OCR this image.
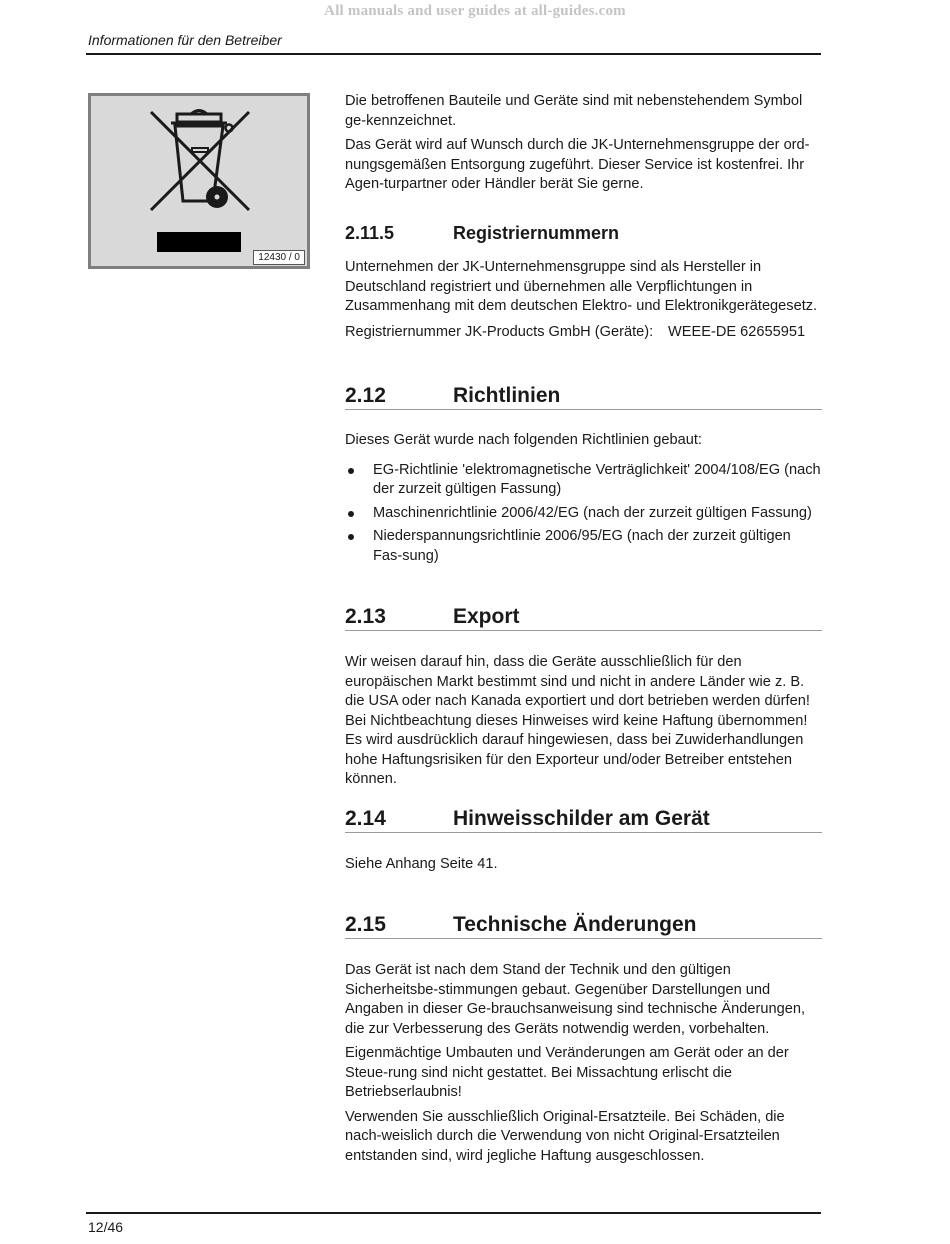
All manuals and user guides at all-guides.com
Informationen für den Betreiber
12430 / 0

Die betroffenen Bauteile und Geräte sind mit nebenstehendem Symbol ge-kennzeichnet.

Das Gerät wird auf Wunsch durch die JK-Unternehmensgruppe der ord-nungsgemäßen Entsorgung zugeführt. Dieser Service ist kostenfrei. Ihr Agen-turpartner oder Händler berät Sie gerne.

2.11.5	Registriernummern

Unternehmen der JK-Unternehmensgruppe sind als Hersteller in Deutschland registriert und übernehmen alle Verpflichtungen in Zusammenhang mit dem deutschen Elektro- und Elektronikgerätegesetz.

Registriernummer JK-Products GmbH (Geräte):	WEEE-DE 62655951
2.12	Richtlinien

Dieses Gerät wurde nach folgenden Richtlinien gebaut:

EG-Richtlinie 'elektromagnetische Verträglichkeit' 2004/108/EG (nach der zurzeit gültigen Fassung)
Maschinenrichtlinie 2006/42/EG (nach der zurzeit gültigen Fassung)
Niederspannungsrichtlinie 2006/95/EG (nach der zurzeit gültigen Fas-sung)
2.13	Export

Wir weisen darauf hin, dass die Geräte ausschließlich für den europäischen Markt bestimmt sind und nicht in andere Länder wie z. B. die USA oder nach Kanada exportiert und dort betrieben werden dürfen! Bei Nichtbeachtung dieses Hinweises wird keine Haftung übernommen! Es wird ausdrücklich darauf hingewiesen, dass bei Zuwiderhandlungen hohe Haftungsrisiken für den Exporteur und/oder Betreiber entstehen können.

2.14	Hinweisschilder am Gerät

Siehe Anhang Seite 41.

2.15	Technische Änderungen

Das Gerät ist nach dem Stand der Technik und den gültigen Sicherheitsbe-stimmungen gebaut. Gegenüber Darstellungen und Angaben in dieser Ge-brauchsanweisung sind technische Änderungen, die zur Verbesserung des Geräts notwendig werden, vorbehalten.

Eigenmächtige Umbauten und Veränderungen am Gerät oder an der Steue-rung sind nicht gestattet. Bei Missachtung erlischt die Betriebserlaubnis!

Verwenden Sie ausschließlich Original-Ersatzteile. Bei Schäden, die nach-weislich durch die Verwendung von nicht Original-Ersatzteilen entstanden sind, wird jegliche Haftung ausgeschlossen.

12/46
